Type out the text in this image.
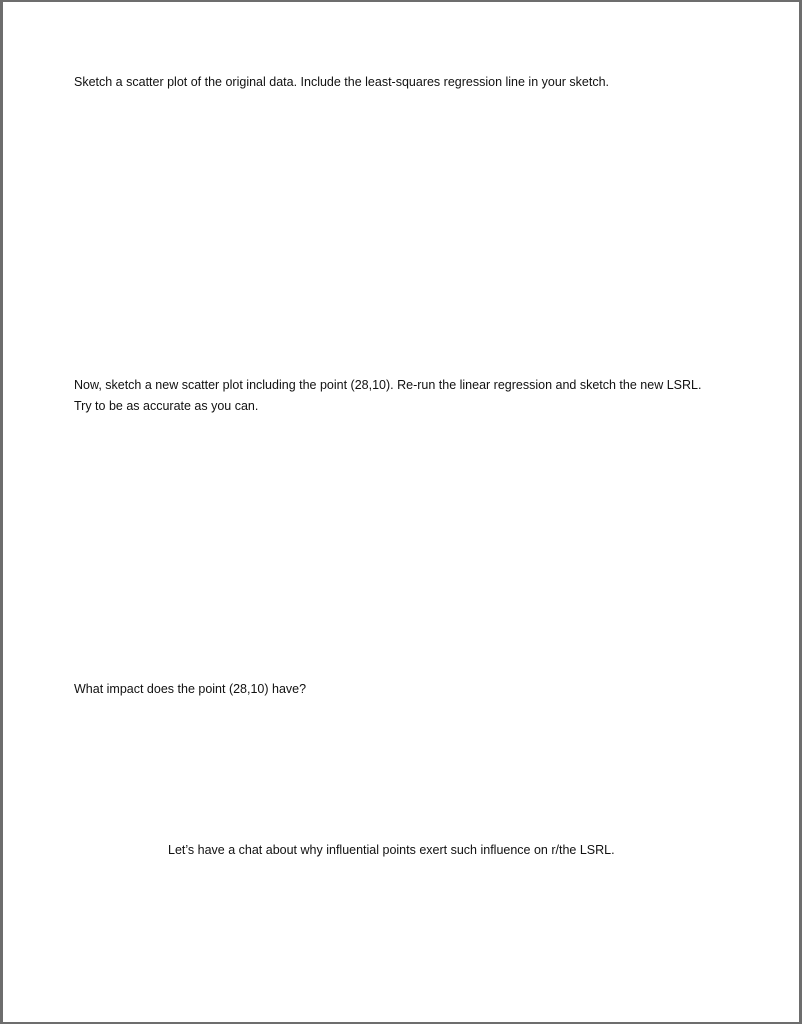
Sketch a scatter plot of the original data. Include the least-squares regression line in your sketch.

Now, sketch a new scatter plot including the point (28,10). Re-run the linear regression and sketch the new LSRL.
Try to be as accurate as you can.

What impact does the point (28,10) have?

Let’s have a chat about why influential points exert such influence on r/the LSRL.
